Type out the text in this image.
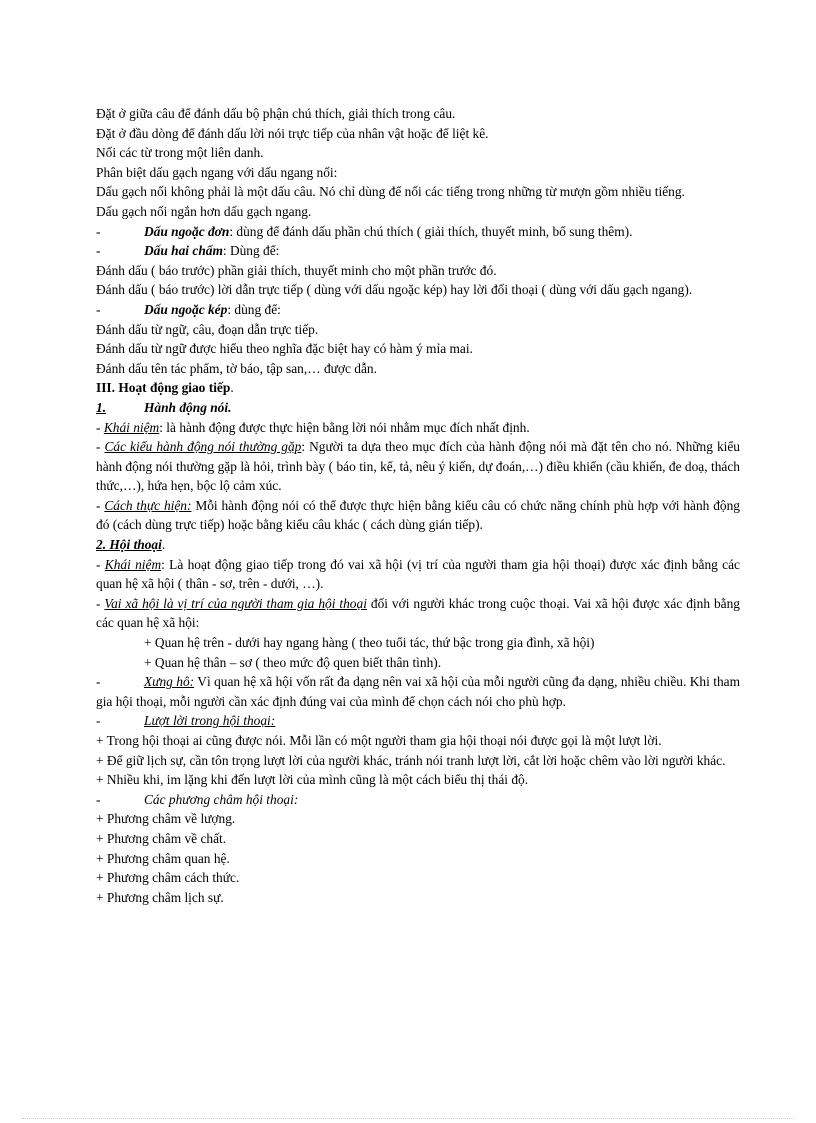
Đặt ở giữa câu để đánh dấu bộ phận chú thích, giải thích trong câu.
Đặt ở đầu dòng để đánh dấu lời nói trực tiếp của nhân vật hoặc để liệt kê.
Nối các từ trong một liên danh.
Phân biệt dấu gạch ngang với dấu ngang nối:
Dấu gạch nối không phải là một dấu câu. Nó chỉ dùng để nối các tiếng trong những từ mượn gồm nhiều tiếng.
Dấu gạch nối ngắn hơn dấu gạch ngang.
-	Dấu ngoặc đơn: dùng để đánh dấu phần chú thích ( giải thích, thuyết minh, bổ sung thêm).
-	Dấu hai chấm: Dùng để:
Đánh dấu ( báo trước) phần giải thích, thuyết minh cho một phần trước đó.
Đánh dấu ( báo trước) lời dẫn trực tiếp ( dùng với dấu ngoặc kép) hay lời đối thoại ( dùng với dấu gạch ngang).
-	Dấu ngoặc kép: dùng để:
Đánh dấu từ ngữ, câu, đoạn dẫn trực tiếp.
Đánh dấu từ ngữ được hiểu theo nghĩa đặc biệt hay có hàm ý mỉa mai.
Đánh dấu tên tác phẩm, tờ báo, tập san,… được dẫn.
III. Hoạt động giao tiếp.
1.	Hành động nói.
- Khái niệm: là hành động được thực hiện bằng lời nói nhằm mục đích nhất định.
- Các kiểu hành động nói thường gặp: Người ta dựa theo mục đích của hành động nói mà đặt tên cho nó. Những kiểu hành động nói thường gặp là hỏi, trình bày ( báo tin, kể, tả, nêu ý kiến, dự đoán,…) điều khiển (cầu khiến, đe doạ, thách thức,…), hứa hẹn, bộc lộ cảm xúc.
- Cách thực hiện: Mỗi hành động nói có thể được thực hiện bằng kiểu câu có chức năng chính phù hợp với hành động đó (cách dùng trực tiếp) hoặc bằng kiểu câu khác ( cách dùng gián tiếp).
2. Hội thoại.
- Khái niệm: Là hoạt động giao tiếp trong đó vai xã hội (vị trí của người tham gia hội thoại) được xác định bằng các quan hệ xã hội ( thân - sơ, trên - dưới, …).
- Vai xã hội là vị trí của người tham gia hội thoại đối với người khác trong cuộc thoại. Vai xã hội được xác định bằng các quan hệ xã hội:
+ Quan hệ trên - dưới hay ngang hàng ( theo tuổi tác, thứ bậc trong gia đình, xã hội)
+ Quan hệ thân – sơ ( theo mức độ quen biết thân tình).
-	Xưng hô: Vì quan hệ xã hội vốn rất đa dạng nên vai xã hội của mỗi người cũng đa dạng, nhiều chiều. Khi tham gia hội thoại, mỗi người cần xác định đúng vai của mình để chọn cách nói cho phù hợp.
-	Lượt lời trong hội thoại:
+ Trong hội thoại ai cũng được nói. Mỗi lần có một người tham gia hội thoại nói được gọi là một lượt lời.
+ Để giữ lịch sự, cần tôn trọng lượt lời của người khác, tránh nói tranh lượt lời, cắt lời hoặc chêm vào lời người khác.
+ Nhiều khi, im lặng khi đến lượt lời của mình cũng là một cách biểu thị thái độ.
-	Các phương châm hội thoại:
+ Phương châm về lượng.
+ Phương châm về chất.
+ Phương châm quan hệ.
+ Phương châm cách thức.
+ Phương châm lịch sự.
